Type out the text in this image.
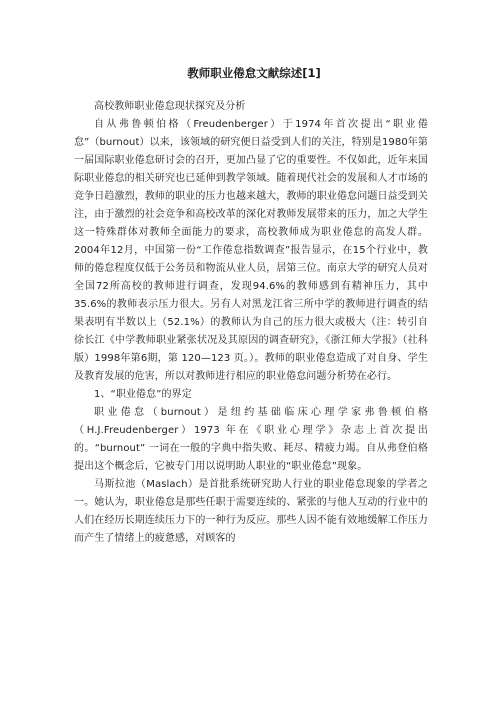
教师职业倦怠文献综述[1]

高校教师职业倦怠现状探究及分析

自从弗鲁顿伯格（Freudenberger）于1974年首次提出“职业倦怠”（burnout）以来，该领域的研究便日益受到人们的关注，特别是1980年第一届国际职业倦怠研讨会的召开，更加凸显了它的重要性。不仅如此，近年来国际职业倦怠的相关研究也已延伸到教学领域。随着现代社会的发展和人才市场的竞争日趋激烈，教师的职业的压力也越来越大，教师的职业倦怠问题日益受到关注，由于激烈的社会竞争和高校改革的深化对教师发展带来的压力，加之大学生这一特殊群体对教师全面能力的要求，高校教师成为职业倦怠的高发人群。2004年12月，中国第一份“工作倦怠指数调查”报告显示，在15个行业中，教师的倦怠程度仅低于公务员和物流从业人员，居第三位。南京大学的研究人员对全国72所高校的教师进行调查，发现94.6%的教师感到有精神压力，其中 35.6%的教师表示压力很大。另有人对黑龙江省三所中学的教师进行调查的结果表明有半数以上（52.1%）的教师认为自己的压力很大或极大（注：转引自徐长江《中学教师职业紧张状况及其原因的调查研究》，《浙江师大学报》（社科版）1998年第6期，第 120—123 页。）。教师的职业倦怠造成了对自身、学生及教育发展的危害，所以对教师进行相应的职业倦怠问题分析势在必行。

1、“职业倦怠”的界定

职业倦怠（burnout）是纽约基础临床心理学家弗鲁顿伯格（H.J.Freudenberger）1973 年在《职业心理学》杂志上首次提出的。“burnout” 一词在一般的字典中指失败、耗尽、精疲力竭。自从弗登伯格提出这个概念后，它被专门用以说明助人职业的“职业倦怠”现象。

马斯拉池（Maslach）是首批系统研究助人行业的职业倦怠现象的学者之一。她认为，职业倦怠是那些任职于需要连续的、紧张的与他人互动的行业中的人们在经历长期连续压力下的一种行为反应。那些人因不能有效地缓解工作压力而产生了情绪上的疲惫感，对顾客的
